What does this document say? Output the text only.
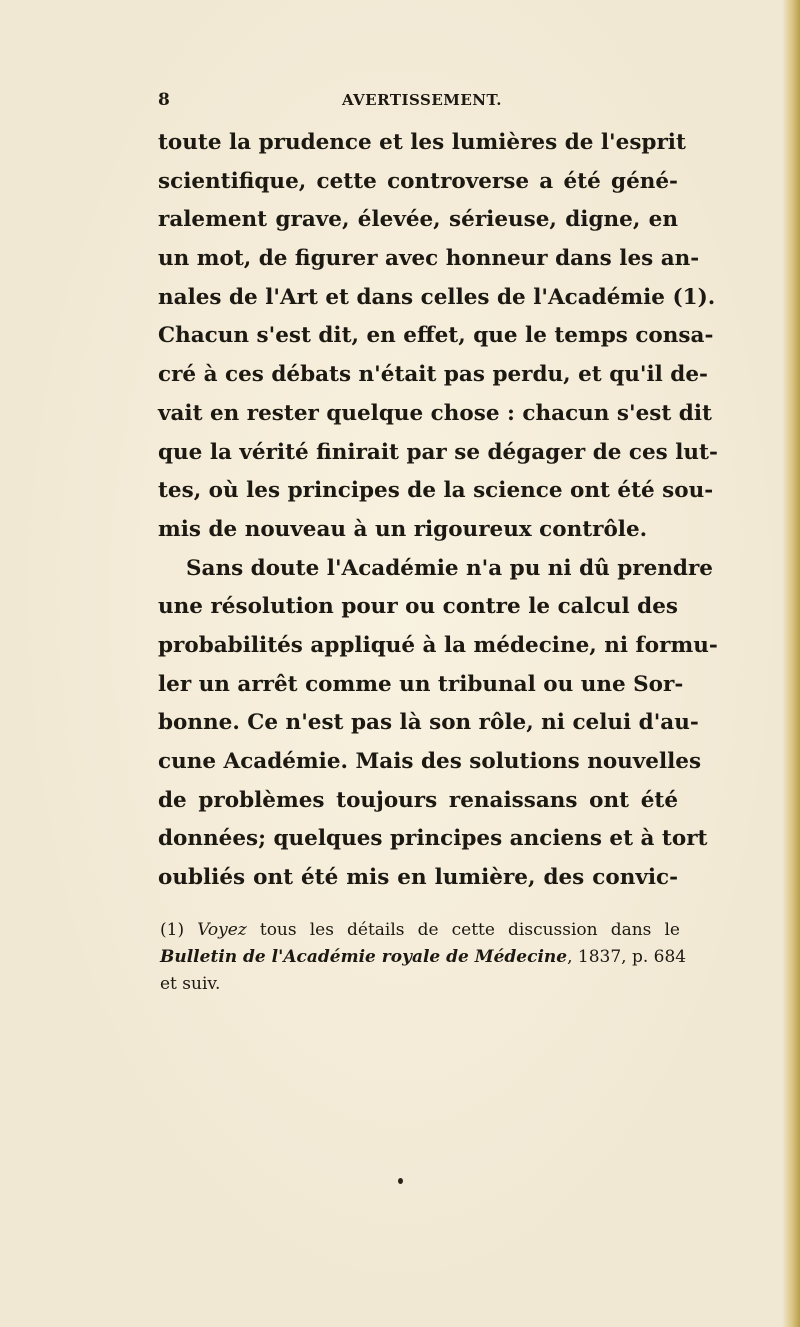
8	AVERTISSEMENT.
toute la prudence et les lumières de l'esprit
scientifique, cette controverse a été géné-
ralement grave, élevée, sérieuse, digne, en
un mot, de figurer avec honneur dans les an-
nales de l'Art et dans celles de l'Académie (1).
Chacun s'est dit, en effet, que le temps consa-
cré à ces débats n'était pas perdu, et qu'il de-
vait en rester quelque chose : chacun s'est dit
que la vérité finirait par se dégager de ces lut-
tes, où les principes de la science ont été sou-
mis de nouveau à un rigoureux contrôle.
Sans doute l'Académie n'a pu ni dû prendre
une résolution pour ou contre le calcul des
probabilités appliqué à la médecine, ni formu-
ler un arrêt comme un tribunal ou une Sor-
bonne. Ce n'est pas là son rôle, ni celui d'au-
cune Académie. Mais des solutions nouvelles
de problèmes toujours renaissans ont été
données; quelques principes anciens et à tort
oubliés ont été mis en lumière, des convic-
(1) Voyez tous les détails de cette discussion dans le
Bulletin de l'Académie royale de Médecine, 1837, p. 684
et suiv.
